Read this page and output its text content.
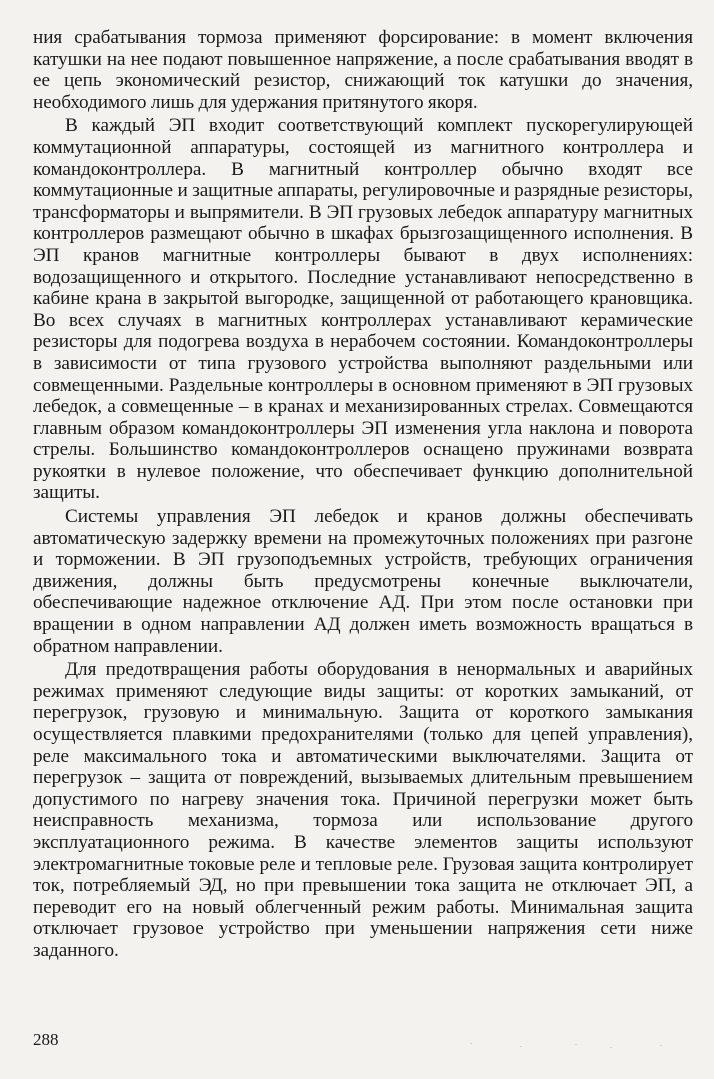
ния срабатывания тормоза применяют форсирование: в момент включения катушки на нее подают повышенное напряжение, а после срабатывания вводят в ее цепь экономический резистор, снижающий ток катушки до значения, необходимого лишь для удержания притянутого якоря.

В каждый ЭП входит соответствующий комплект пускорегулирующей коммутационной аппаратуры, состоящей из магнитного контроллера и командоконтроллера. В магнитный контроллер обычно входят все коммутационные и защитные аппараты, регулировочные и разрядные резисторы, трансформаторы и выпрямители. В ЭП грузовых лебедок аппаратуру магнитных контроллеров размещают обычно в шкафах брызгозащищенного исполнения. В ЭП кранов магнитные контроллеры бывают в двух исполнениях: водозащищенного и открытого. Последние устанавливают непосредственно в кабине крана в закрытой выгородке, защищенной от работающего крановщика. Во всех случаях в магнитных контроллерах устанавливают керамические резисторы для подогрева воздуха в нерабочем состоянии. Командоконтроллеры в зависимости от типа грузового устройства выполняют раздельными или совмещенными. Раздельные контроллеры в основном применяют в ЭП грузовых лебедок, а совмещенные – в кранах и механизированных стрелах. Совмещаются главным образом командоконтроллеры ЭП изменения угла наклона и поворота стрелы. Большинство командоконтроллеров оснащено пружинами возврата рукоятки в нулевое положение, что обеспечивает функцию дополнительной защиты.

Системы управления ЭП лебедок и кранов должны обеспечивать автоматическую задержку времени на промежуточных положениях при разгоне и торможении. В ЭП грузоподъемных устройств, требующих ограничения движения, должны быть предусмотрены конечные выключатели, обеспечивающие надежное отключение АД. При этом после остановки при вращении в одном направлении АД должен иметь возможность вращаться в обратном направлении.

Для предотвращения работы оборудования в ненормальных и аварийных режимах применяют следующие виды защиты: от коротких замыканий, от перегрузок, грузовую и минимальную. Защита от короткого замыкания осуществляется плавкими предохранителями (только для цепей управления), реле максимального тока и автоматическими выключателями. Защита от перегрузок – защита от повреждений, вызываемых длительным превышением допустимого по нагреву значения тока. Причиной перегрузки может быть неисправность механизма, тормоза или использование другого эксплуатационного режима. В качестве элементов защиты используют электромагнитные токовые реле и тепловые реле. Грузовая защита контролирует ток, потребляемый ЭД, но при превышении тока защита не отключает ЭП, а переводит его на новый облегченный режим работы. Минимальная защита отключает грузовое устройство при уменьшении напряжения сети ниже заданного.

288
